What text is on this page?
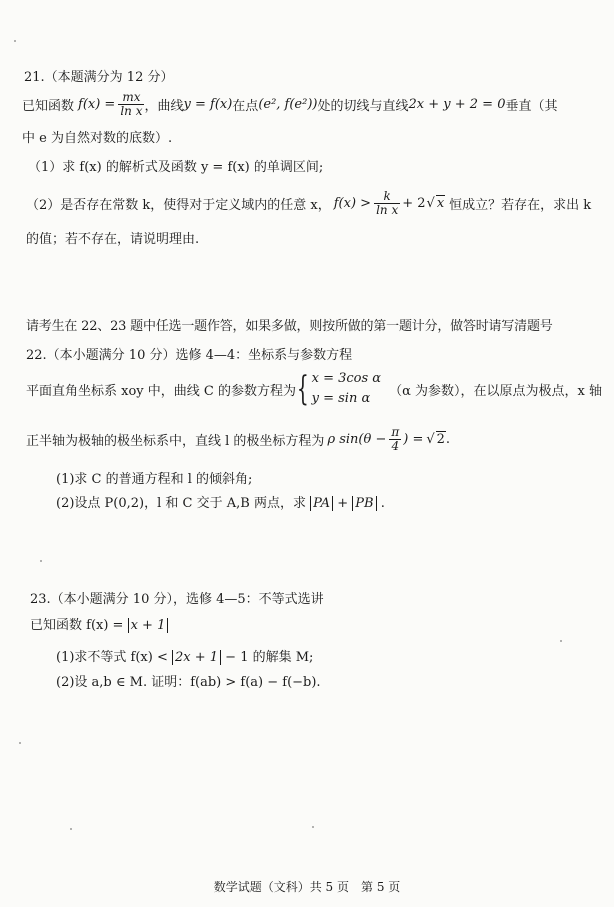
21.（本题满分为 12 分）
已知函数 $f(x) = \frac{mx}{\text{ln x}}$ ，曲线 y = f(x) 在点 (e², f(e²)) 处的切线与直线 2x + y + 2 = 0 垂直（其
中 e 为自然对数的底数）.
（1）求 f(x) 的解析式及函数 y = f(x) 的单调区间;
（2）是否存在常数 k，使得对于定义域内的任意 x， $f(x) > \frac{k}{\text{ln x}} + 2$ √ x 恒成立？若存在，求出 k
的值；若不存在，请说明理由.
请考生在 22、23 题中任选一题作答，如果多做，则按所做的第一题计分，做答时请写清题号
22.（本小题满分 10 分）选修 4—4：坐标系与参数方程
平面直角坐标系 xoy 中，曲线 C 的参数方程为 { x = 3cos α
y = sin α	（α 为参数），在以原点为极点，x 轴
正半轴为极轴的极坐标系中，直线 l 的极坐标方程为 ρ $\sin(\theta - \frac{\pi}{4}$ ) = √ 2 .
(1)求 C 的普通方程和 l 的倾斜角;
(2)设点 P(0,2)，l 和 C 交于 A,B 两点，求 PA + PB .
23.（本小题满分 10 分），选修 4—5：不等式选讲
已知函数 f(x) = x + 1
(1)求不等式 f(x) < 2x + 1 − 1 的解集 M;
(2)设 a,b ∈ M. 证明：f(ab) > f(a) − f(−b).
数学试题（文科）共 5 页　第 5 页
